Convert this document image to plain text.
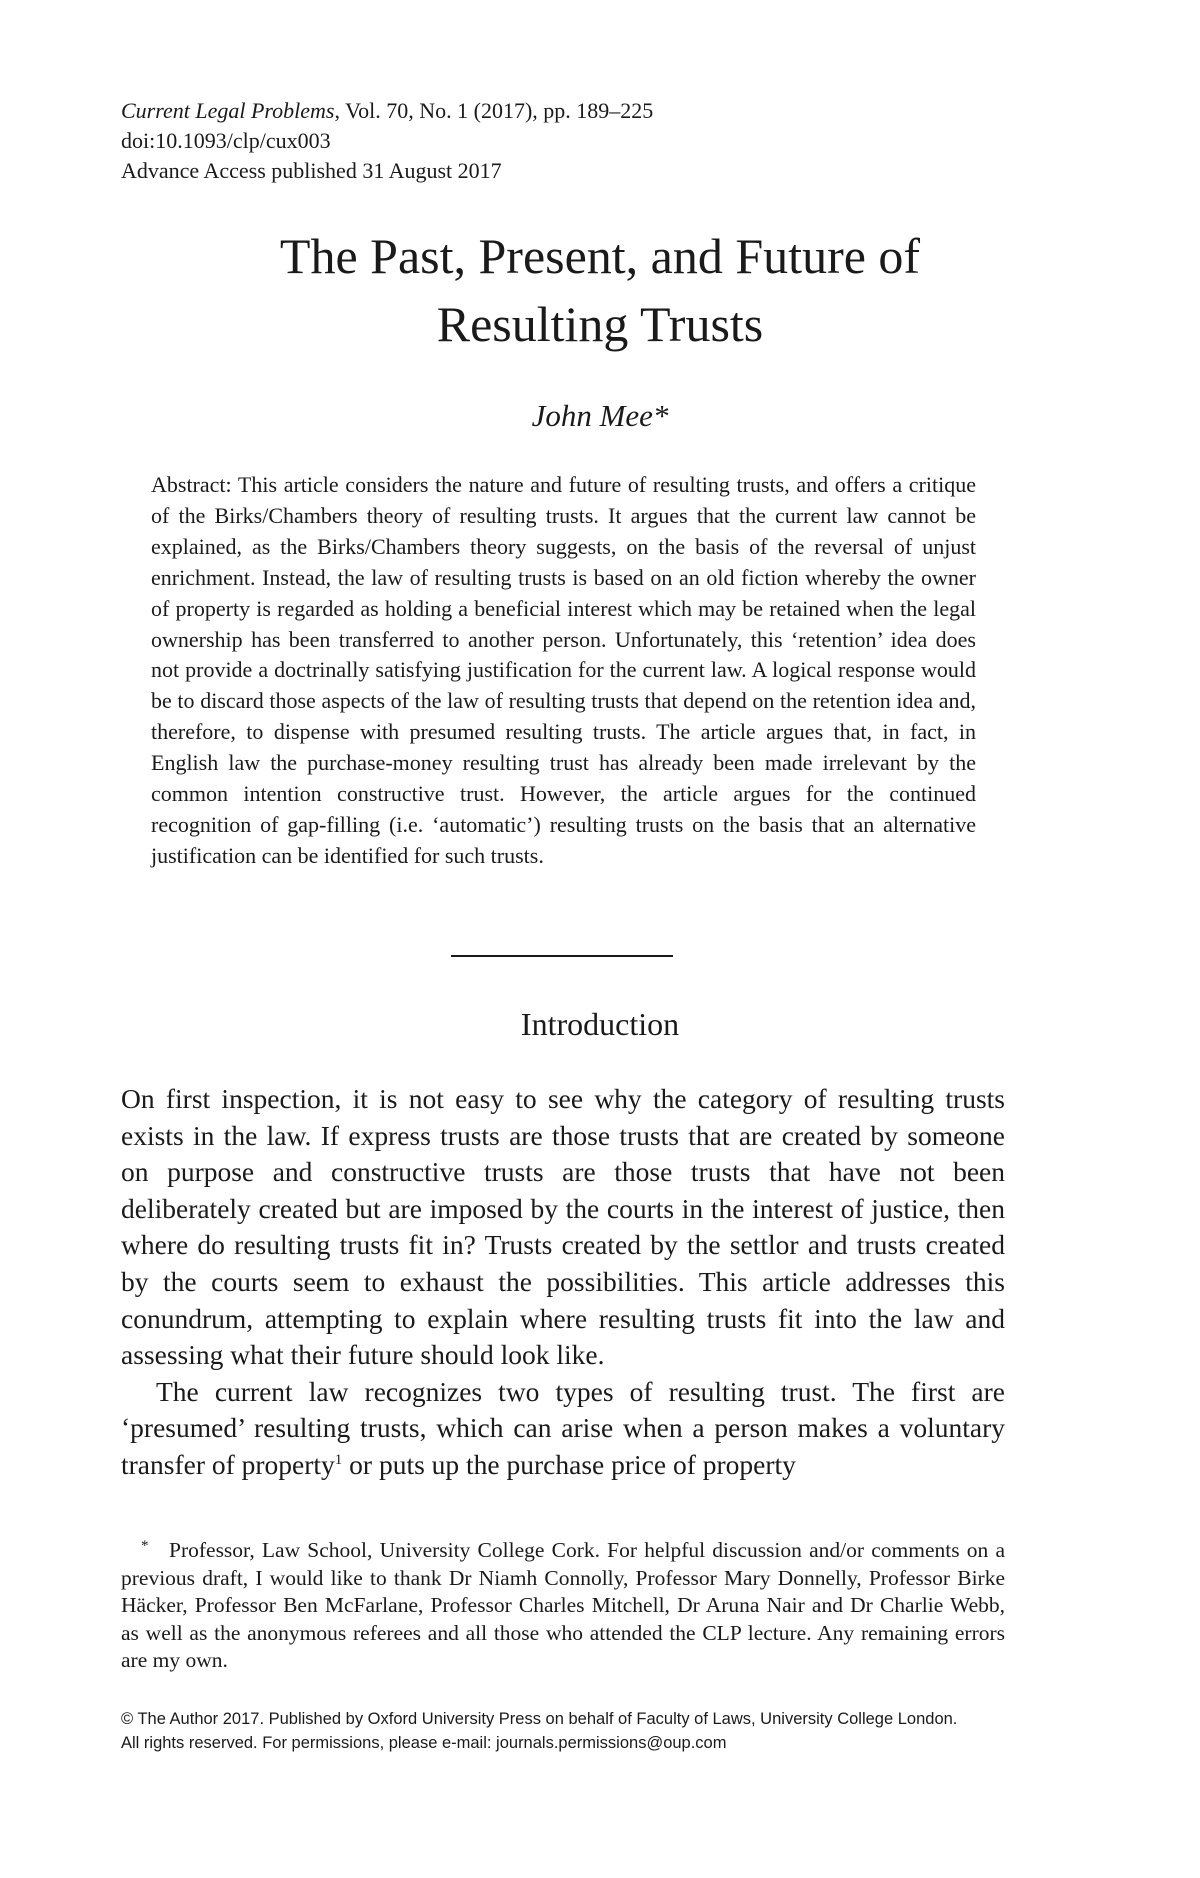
Current Legal Problems, Vol. 70, No. 1 (2017), pp. 189–225
doi:10.1093/clp/cux003
Advance Access published 31 August 2017
The Past, Present, and Future of
Resulting Trusts
John Mee*
Abstract: This article considers the nature and future of resulting trusts, and offers a critique of the Birks/Chambers theory of resulting trusts. It argues that the current law cannot be explained, as the Birks/Chambers theory suggests, on the basis of the reversal of unjust enrichment. Instead, the law of resulting trusts is based on an old fiction whereby the owner of property is regarded as holding a beneficial interest which may be retained when the legal ownership has been transferred to another person. Unfortunately, this ‘retention’ idea does not provide a doctrinally satisfying justification for the current law. A logical response would be to discard those aspects of the law of resulting trusts that depend on the retention idea and, therefore, to dispense with presumed resulting trusts. The article argues that, in fact, in English law the purchase-money resulting trust has already been made irrelevant by the common intention constructive trust. However, the article argues for the continued recognition of gap-filling (i.e. ‘automatic’) resulting trusts on the basis that an alternative justification can be identified for such trusts.
Introduction

On first inspection, it is not easy to see why the category of resulting trusts exists in the law. If express trusts are those trusts that are created by someone on purpose and constructive trusts are those trusts that have not been deliberately created but are imposed by the courts in the interest of justice, then where do resulting trusts fit in? Trusts created by the settlor and trusts created by the courts seem to exhaust the possibilities. This article addresses this conundrum, attempting to explain where resulting trusts fit into the law and assessing what their future should look like.

The current law recognizes two types of resulting trust. The first are ‘presumed’ resulting trusts, which can arise when a person makes a voluntary transfer of property$^1$ or puts up the purchase price of property

* Professor, Law School, University College Cork. For helpful discussion and/or comments on a previous draft, I would like to thank Dr Niamh Connolly, Professor Mary Donnelly, Professor Birke Häcker, Professor Ben McFarlane, Professor Charles Mitchell, Dr Aruna Nair and Dr Charlie Webb, as well as the anonymous referees and all those who attended the CLP lecture. Any remaining errors are my own.

© The Author 2017. Published by Oxford University Press on behalf of Faculty of Laws, University College London.
All rights reserved. For permissions, please e-mail: journals.permissions@oup.com
